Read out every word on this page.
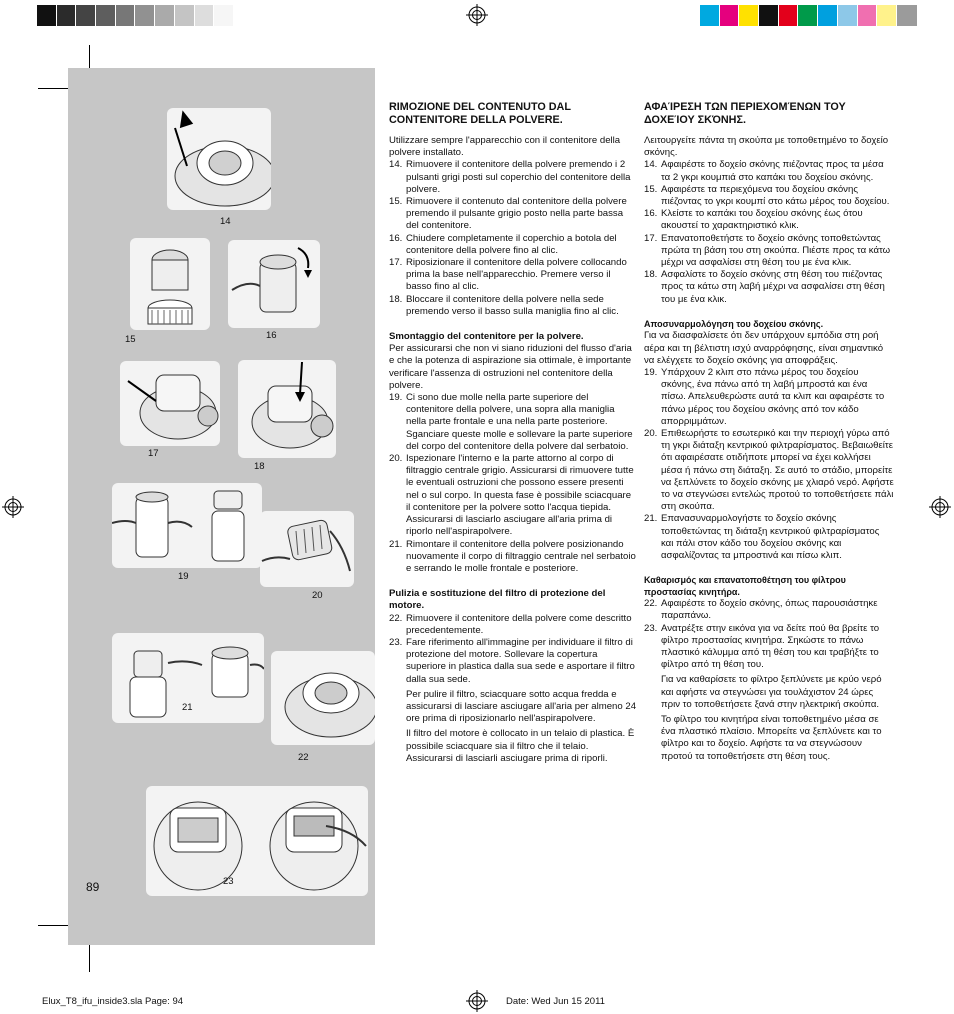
14
15	16
17
18
19
20
21
22
23
89
RIMOZIONE DEL CONTENUTO DAL CONTENITORE DELLA POLVERE.

Utilizzare sempre l'apparecchio con il contenitore della polvere installato.

14. Rimuovere il contenitore della polvere premendo i 2 pulsanti grigi posti sul coperchio del contenitore della polvere.
15. Rimuovere il contenuto dal contenitore della polvere premendo il pulsante grigio posto nella parte bassa del contenitore.
16. Chiudere completamente il coperchio a botola del contenitore della polvere fino al clic.
17. Riposizionare il contenitore della polvere collocando prima la base nell'apparecchio. Premere verso il basso fino al clic.
18. Bloccare il contenitore della polvere nella sede premendo verso il basso sulla maniglia fino al clic.
Smontaggio del contenitore per la polvere.

Per assicurarsi che non vi siano riduzioni del flusso d'aria e che la potenza di aspirazione sia ottimale, è importante verificare l'assenza di ostruzioni nel contenitore della polvere.

19. Ci sono due molle nella parte superiore del contenitore della polvere, una sopra alla maniglia nella parte frontale e una nella parte posteriore. Sganciare queste molle e sollevare la parte superiore del corpo del contenitore della polvere dal serbatoio.
20. Ispezionare l'interno e la parte attorno al corpo di filtraggio centrale grigio. Assicurarsi di rimuovere tutte le eventuali ostruzioni che possono essere presenti nel o sul corpo. In questa fase è possibile sciacquare il contenitore per la polvere sotto l'acqua tiepida. Assicurarsi di lasciarlo asciugare all'aria prima di riporlo nell'aspirapolvere.
21. Rimontare il contenitore della polvere posizionando nuovamente il corpo di filtraggio centrale nel serbatoio e serrando le molle frontale e posteriore.
Pulizia e sostituzione del filtro di protezione del motore.
22. Rimuovere il contenitore della polvere come descritto precedentemente.
23. Fare riferimento all'immagine per individuare il filtro di protezione del motore. Sollevare la copertura superiore in plastica dalla sua sede e asportare il filtro dalla sua sede.

Per pulire il filtro, sciacquare sotto acqua fredda e assicurarsi di lasciare asciugare all'aria per almeno 24 ore prima di riposizionarlo nell'aspirapolvere.

Il filtro del motore è collocato in un telaio di plastica. È possibile sciacquare sia il filtro che il telaio. Assicurarsi di lasciarli asciugare prima di riporli.

ΑΦΑΊΡΕΣΗ ΤΩΝ ΠΕΡΙΕΧΟΜΈΝΩΝ ΤΟΥ ΔΟΧΕΊΟΥ ΣΚΌΝΗΣ.

Λειτουργείτε πάντα τη σκούπα με τοποθετημένο το δοχείο σκόνης.

14. Αφαιρέστε το δοχείο σκόνης πιέζοντας προς τα μέσα τα 2 γκρι κουμπιά στο καπάκι του δοχείου σκόνης.
15. Αφαιρέστε τα περιεχόμενα του δοχείου σκόνης πιέζοντας το γκρι κουμπί στο κάτω μέρος του δοχείου.
16. Κλείστε το καπάκι του δοχείου σκόνης έως ότου ακουστεί το χαρακτηριστικό κλικ.
17. Επανατοποθετήστε το δοχείο σκόνης τοποθετώντας πρώτα τη βάση του στη σκούπα. Πιέστε προς τα κάτω μέχρι να ασφαλίσει στη θέση του με ένα κλικ.
18. Ασφαλίστε το δοχείο σκόνης στη θέση του πιέζοντας προς τα κάτω στη λαβή μέχρι να ασφαλίσει στη θέση του με ένα κλικ.
Αποσυναρμολόγηση του δοχείου σκόνης.

Για να διασφαλίσετε ότι δεν υπάρχουν εμπόδια στη ροή αέρα και τη βέλτιστη ισχύ αναρρόφησης, είναι σημαντικό να ελέγχετε το δοχείο σκόνης για αποφράξεις.

19. Υπάρχουν 2 κλιπ στο πάνω μέρος του δοχείου σκόνης, ένα πάνω από τη λαβή μπροστά και ένα πίσω. Απελευθερώστε αυτά τα κλιπ και αφαιρέστε το πάνω μέρος του δοχείου σκόνης από τον κάδο απορριμμάτων.
20. Επιθεωρήστε το εσωτερικό και την περιοχή γύρω από τη γκρι διάταξη κεντρικού φιλτραρίσματος. Βεβαιωθείτε ότι αφαιρέσατε οτιδήποτε μπορεί να έχει κολλήσει μέσα ή πάνω στη διάταξη. Σε αυτό το στάδιο, μπορείτε να ξεπλύνετε το δοχείο σκόνης με χλιαρό νερό. Αφήστε το να στεγνώσει εντελώς προτού το τοποθετήσετε πάλι στη σκούπα.
21. Επανασυναρμολογήστε το δοχείο σκόνης τοποθετώντας τη διάταξη κεντρικού φιλτραρίσματος και πάλι στον κάδο του δοχείου σκόνης και ασφαλίζοντας τα μπροστινά και πίσω κλιπ.
Καθαρισμός και επανατοποθέτηση του φίλτρου προστασίας κινητήρα.
22. Αφαιρέστε το δοχείο σκόνης, όπως παρουσιάστηκε παραπάνω.
23. Ανατρέξτε στην εικόνα για να δείτε πού θα βρείτε το φίλτρο προστασίας κινητήρα. Σηκώστε το πάνω πλαστικό κάλυμμα από τη θέση του και τραβήξτε το φίλτρο από τη θέση του.

Για να καθαρίσετε το φίλτρο ξεπλύνετε με κρύο νερό και αφήστε να στεγνώσει για τουλάχιστον 24 ώρες πριν το τοποθετήσετε ξανά στην ηλεκτρική σκούπα.

Το φίλτρο του κινητήρα είναι τοποθετημένο μέσα σε ένα πλαστικό πλαίσιο. Μπορείτε να ξεπλύνετε και το φίλτρο και το δοχείο. Αφήστε τα να στεγνώσουν προτού τα τοποθετήσετε στη θέση τους.

Elux_T8_ifu_inside3.sla Page: 94	Date: Wed Jun 15 2011
